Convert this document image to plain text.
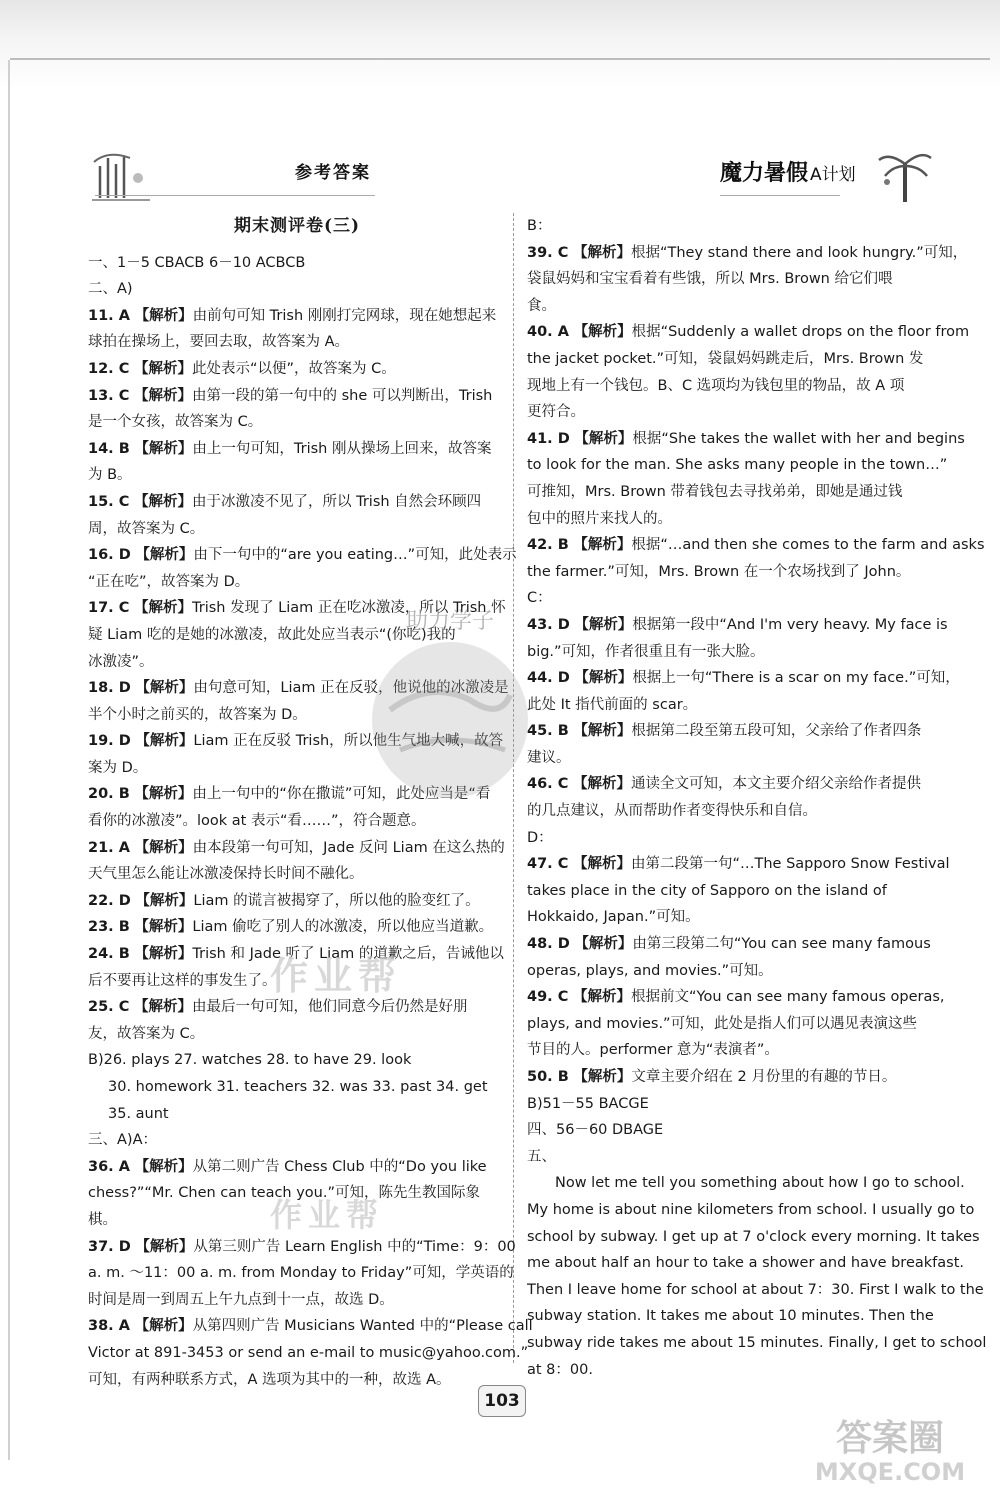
参考答案	魔力暑假 A计划
期末测评卷(三)
一、1－5 CBACB 6－10 ACBCB
二、A)
11. A 【解析】由前句可知 Trish 刚刚打完网球，现在她想起来
球拍在操场上，要回去取，故答案为 A。
12. C 【解析】此处表示“以便”，故答案为 C。
13. C 【解析】由第一段的第一句中的 she 可以判断出，Trish
是一个女孩，故答案为 C。
14. B 【解析】由上一句可知，Trish 刚从操场上回来，故答案
为 B。
15. C 【解析】由于冰激凌不见了，所以 Trish 自然会环顾四
周，故答案为 C。
16. D 【解析】由下一句中的“are you eating…”可知，此处表示
“正在吃”，故答案为 D。
17. C 【解析】Trish 发现了 Liam 正在吃冰激凌，所以 Trish 怀
疑 Liam 吃的是她的冰激凌，故此处应当表示“(你吃)我的
冰激凌”。
18. D 【解析】由句意可知，Liam 正在反驳，他说他的冰激凌是
半个小时之前买的，故答案为 D。
19. D 【解析】Liam 正在反驳 Trish，所以他生气地大喊，故答
案为 D。
20. B 【解析】由上一句中的“你在撒谎”可知，此处应当是“看
看你的冰激凌”。look at 表示“看……”，符合题意。
21. A 【解析】由本段第一句可知，Jade 反问 Liam 在这么热的
天气里怎么能让冰激凌保持长时间不融化。
22. D 【解析】Liam 的谎言被揭穿了，所以他的脸变红了。
23. B 【解析】Liam 偷吃了别人的冰激凌，所以他应当道歉。
24. B 【解析】Trish 和 Jade 听了 Liam 的道歉之后，告诫他以
后不要再让这样的事发生了。
25. C 【解析】由最后一句可知，他们同意今后仍然是好朋
友，故答案为 C。
B)26. plays 27. watches 28. to have 29. look
30. homework 31. teachers 32. was 33. past 34. get
35. aunt
三、A)A：
36. A 【解析】从第二则广告 Chess Club 中的“Do you like
chess?”“Mr. Chen can teach you.”可知，陈先生教国际象
棋。
37. D 【解析】从第三则广告 Learn English 中的“Time：9：00
a. m. ～11：00 a. m. from Monday to Friday”可知，学英语的
时间是周一到周五上午九点到十一点，故选 D。
38. A 【解析】从第四则广告 Musicians Wanted 中的“Please call
Victor at 891-3453 or send an e-mail to music@yahoo.com.”
可知，有两种联系方式，A 选项为其中的一种，故选 A。
B：
39. C 【解析】根据“They stand there and look hungry.”可知，
袋鼠妈妈和宝宝看着有些饿，所以 Mrs. Brown 给它们喂
食。
40. A 【解析】根据“Suddenly a wallet drops on the floor from
the jacket pocket.”可知，袋鼠妈妈跳走后，Mrs. Brown 发
现地上有一个钱包。B、C 选项均为钱包里的物品，故 A 项
更符合。
41. D 【解析】根据“She takes the wallet with her and begins
to look for the man. She asks many people in the town…”
可推知，Mrs. Brown 带着钱包去寻找弟弟，即她是通过钱
包中的照片来找人的。
42. B 【解析】根据“…and then she comes to the farm and asks
the farmer.”可知，Mrs. Brown 在一个农场找到了 John。
C：
43. D 【解析】根据第一段中“And I'm very heavy. My face is
big.”可知，作者很重且有一张大脸。
44. D 【解析】根据上一句“There is a scar on my face.”可知，
此处 It 指代前面的 scar。
45. B 【解析】根据第二段至第五段可知，父亲给了作者四条
建议。
46. C 【解析】通读全文可知，本文主要介绍父亲给作者提供
的几点建议，从而帮助作者变得快乐和自信。
D：
47. C 【解析】由第二段第一句“…The Sapporo Snow Festival
takes place in the city of Sapporo on the island of
Hokkaido, Japan.”可知。
48. D 【解析】由第三段第二句“You can see many famous
operas, plays, and movies.”可知。
49. C 【解析】根据前文“You can see many famous operas,
plays, and movies.”可知，此处是指人们可以遇见表演这些
节目的人。performer 意为“表演者”。
50. B 【解析】文章主要介绍在 2 月份里的有趣的节日。
B)51－55 BACGE
四、56－60 DBAGE
五、
Now let me tell you something about how I go to school.
My home is about nine kilometers from school. I usually go to
school by subway. I get up at 7 o'clock every morning. It takes
me about half an hour to take a shower and have breakfast.
Then I leave home for school at about 7：30. First I walk to the
subway station. It takes me about 10 minutes. Then the
subway ride takes me about 15 minutes. Finally, I get to school
at 8：00.
助力学子
作业帮
作业帮
103
答案圈
MXQE.COM
